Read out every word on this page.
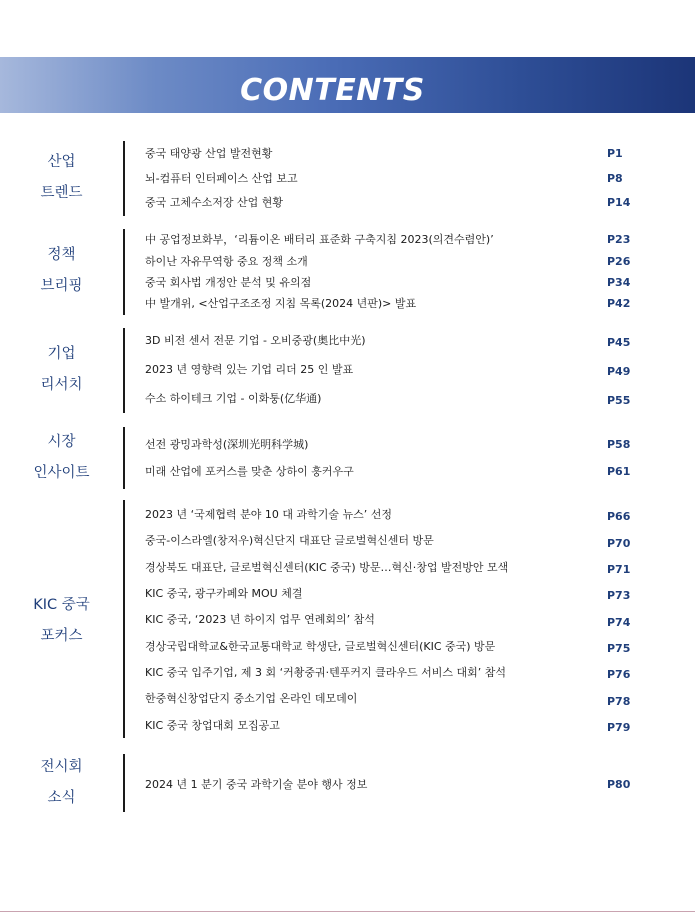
CONTENTS
산업
트렌드
중국 태양광 산업 발전현황	P1
뇌-컴퓨터 인터페이스 산업 보고	P8
중국 고체수소저장 산업 현황	P14
정책
브리핑
中 공업정보화부，‘리튬이온 배터리 표준화 구축지침 2023(의견수렴안)’	P23
하이난 자유무역항 중요 정책 소개	P26
중국 회사법 개정안 분석 및 유의점	P34
中 발개위, <산업구조조정 지침 목록(2024 년판)> 발표	P42
기업
리서치
3D 비전 센서 전문 기업 - 오비중광(奥比中光)	P45
2023 년 영향력 있는 기업 리더 25 인 발표	P49
수소 하이테크 기업 - 이화퉁(亿华通)	P55
시장
인사이트
선전 광밍과학성(深圳光明科学城)	P58
미래 산업에 포커스를 맞춘 상하이 훙커우구	P61
KIC 중국
포커스
2023 년 ‘국제협력 분야 10 대 과학기술 뉴스’ 선정	P66
중국-이스라엘(창저우)혁신단지 대표단 글로벌혁신센터 방문	P70
경상북도 대표단, 글로벌혁신센터(KIC 중국) 방문…혁신·창업 발전방안 모색	P71
KIC 중국, 광구카페와 MOU 체결	P73
KIC 중국, ‘2023 년 하이지 업무 연례회의’ 참석	P74
경상국립대학교&한국교통대학교 학생단, 글로벌혁신센터(KIC 중국) 방문	P75
KIC 중국 입주기업, 제 3 회 ‘커촹중궈·텐푸커지 클라우드 서비스 대회’ 참석	P76
한중혁신창업단지 중소기업 온라인 데모데이	P78
KIC 중국 창업대회 모집공고	P79
전시회
소식
2024 년 1 분기 중국 과학기술 분야 행사 정보	P80
